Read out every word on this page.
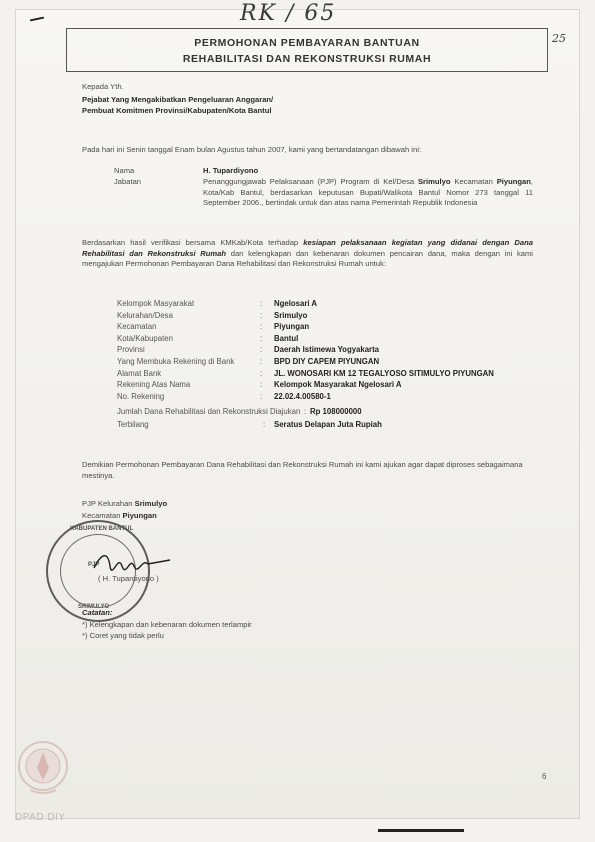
RK / 65
25
PERMOHONAN PEMBAYARAN BANTUAN
REHABILITASI DAN REKONSTRUKSI RUMAH
Kepada Yth.
Pejabat Yang Mengakibatkan Pengeluaran Anggaran/
Pembuat Komitmen Provinsi/Kabupaten/Kota Bantul
Pada hari ini Senin tanggal Enam bulan Agustus tahun 2007, kami yang bertandatangan dibawah ini:
Nama	H. Tupardiyono
Jabatan	Penanggungjawab Pelaksanaan (PJP) Program di Kel/Desa Srimulyo Kecamatan Piyungan, Kota/Kab Bantul, berdasarkan keputusan Bupati/Walikota Bantul Nomor 273 tanggal 11 September 2006., bertindak untuk dan atas nama Pemerintah Republik Indonesia
Berdasarkan hasil verifikasi bersama KMKab/Kota terhadap kesiapan pelaksanaan kegiatan yang didanai dengan Dana Rehabilitasi dan Rekonstruksi Rumah dan kelengkapan dan kebenaran dokumen pencairan dana, maka dengan ini kami mengajukan Permohonan Pembayaran Dana Rehabilitasi dan Rekonstruksi Rumah untuk:
Kelompok Masyarakat	: Ngelosari A
Kelurahan/Desa	: Srimulyo
Kecamatan	: Piyungan
Kota/Kabupaten	: Bantul
Provinsi	: Daerah Istimewa Yogyakarta
Yang Membuka Rekening di Bank	: BPD DIY CAPEM PIYUNGAN
Alamat Bank	: JL. WONOSARI KM 12 TEGALYOSO SITIMULYO PIYUNGAN
Rekening Atas Nama	: Kelompok Masyarakat Ngelosari A
No. Rekening	: 22.02.4.00580-1
Jumlah Dana Rehabilitasi dan Rekonstruksi Diajukan : Rp 108000000
Terbilang	: Seratus Delapan Juta Rupiah
Demikian Permohonan Pembayaran Dana Rehabilitasi dan Rekonstruksi Rumah ini kami ajukan agar dapat diproses sebagaimana mestinya.
PJP Kelurahan Srimulyo
Kecamatan Piyungan
KABUPATEN BANTUL
PJP
SRIMULYO
( H. Tupardiyono )
Catatan:
*) Kelengkapan dan kebenaran dokumen terlampir
*) Coret yang tidak perlu
6
DPAD DIY
